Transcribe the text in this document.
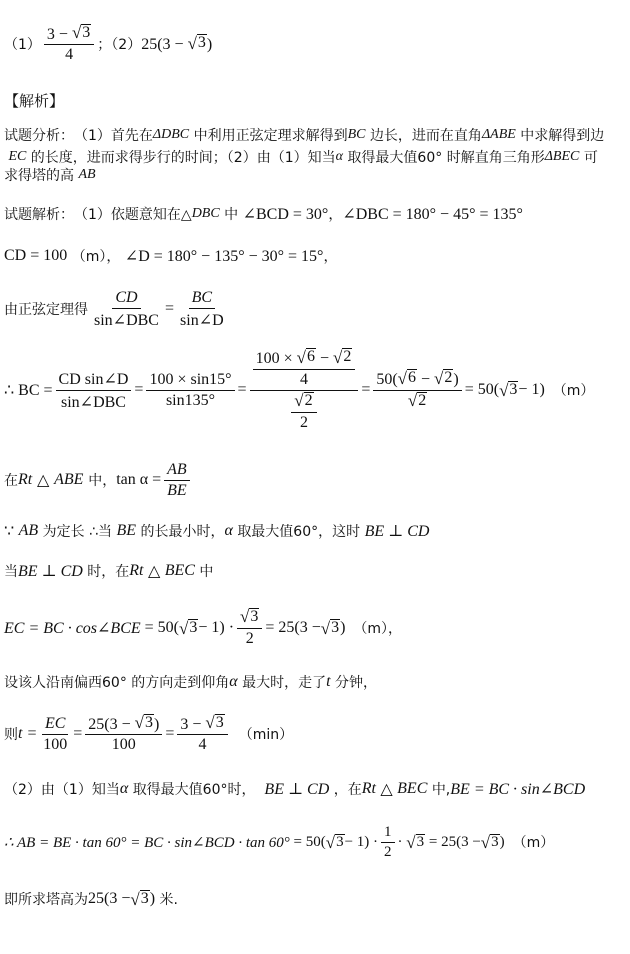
$(1) \frac{3 - √ 3}{4}$ ；（2） 25(3 − √ 3 )
【解析】
试题分析： （1）首先在 ΔDBC
中利用正弦定理求解得到 BC
边长，进而在直角 ΔABE
中求解得到边

EC
的长度，进而求得步行的时间；（2）由（1）知当 α
取得最大值60°
时解直角三角形 ΔBEC
可
求得塔的高
AB
试题解析： （1）依题意知在△ DBC
中
∠BCD = 30° ， ∠DBC = 180° − 45° = 135°
CD = 100
（m），
∠D = 180° − 135° − 30° = 15° ，
由正弦定理得 $\frac{CD}{\text{sin∠DBC}} = \frac{BC}{\sin\angle D}$
∴ BC = $\frac{\text{CD sin∠D}}{\text{sin∠DBC}} = \frac{100 \times \sin 15^\circ}{\sin 135^\circ} = \frac{\frac{100 \times √ 6 - √ 2}{4}}{\frac{√ 2}{2}} = \frac{50( √ 6 - √ 2 )}{√ 2} = 50$( √ 3 − 1) （m）
在 Rt
△
ABE
中， $\tan \alpha = \frac{AB}{BE}$
∵
AB
为定长 ∴当
BE
的长最小时， α
取最大值60°，这时
BE ⊥ CD
当 BE ⊥ CD
时，在 Rt
△
BEC
中
EC = BC · cos∠BCE
= 50( √ $3 - 1) \cdot \frac{√ 3}{2} = 25(3$ − √ 3 ) （m），
设该人沿南偏西60°
的方向走到仰角 α
最大时，走了 t
分钟，
则 $t = \frac{EC}{100} = \frac{25(3 - √ 3 )}{100} = \frac{3 - √ 3}{4} (\min)$
（2）由（1）知当 α
取得最大值60°时，
BE ⊥ CD
，在 Rt
△
BEC
中, BE = BC · sin∠BCD
∴ AB = BE · tan 60° = BC · sin∠BCD · tan 60°
= 50( √ $3 - 1) \cdot \frac{1}{2}$ ·
√ 3
= 25(3 − √ 3 ) （m）
即所求塔高为 25(3 − √ 3 )
米.
